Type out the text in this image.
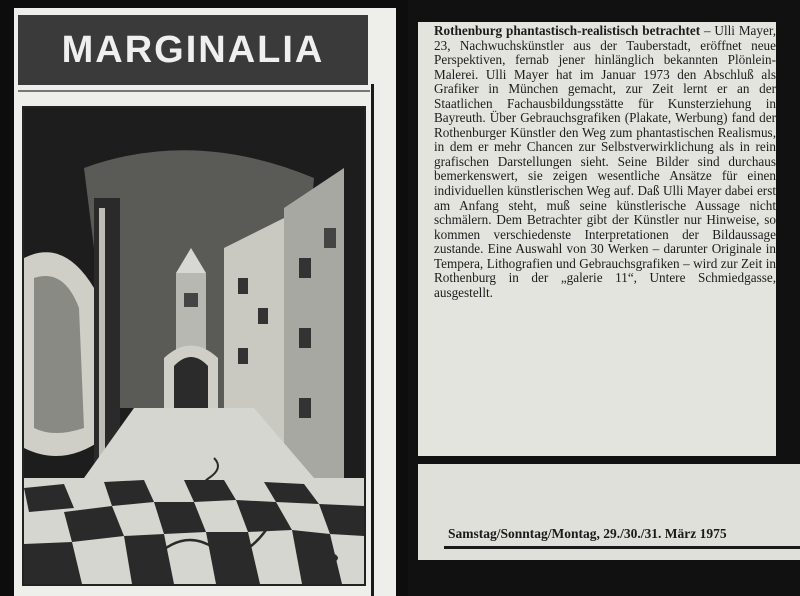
MARGINALIA	Rothenburg phantastisch-realistisch betrachtet – Ulli Mayer, 23, Nachwuchskünstler aus der Tauberstadt, eröffnet neue Perspektiven, fernab jener hinlänglich bekannten Plönlein-Malerei. Ulli Mayer hat im Januar 1973 den Abschluß als Grafiker in München gemacht, zur Zeit lernt er an der Staatlichen Fachausbildungsstätte für Kunsterziehung in Bayreuth. Über Gebrauchsgrafiken (Plakate, Werbung) fand der Rothenburger Künstler den Weg zum phantastischen Realismus, in dem er mehr Chancen zur Selbstverwirklichung als in rein grafischen Darstellungen sieht. Seine Bilder sind durchaus bemerkenswert, sie zeigen wesentliche Ansätze für einen individuellen künstlerischen Weg auf. Daß Ulli Mayer dabei erst am Anfang steht, muß seine künstlerische Aussage nicht schmälern. Dem Betrachter gibt der Künstler nur Hinweise, so kommen verschiedenste Interpretationen der Bildaussage zustande. Eine Auswahl von 30 Werken – darunter Originale in Tempera, Lithografien und Gebrauchsgrafiken – wird zur Zeit in Rothenburg in der „galerie 11“, Untere Schmiedgasse, ausgestellt.
Samstag/Sonntag/Montag, 29./30./31. März 1975
